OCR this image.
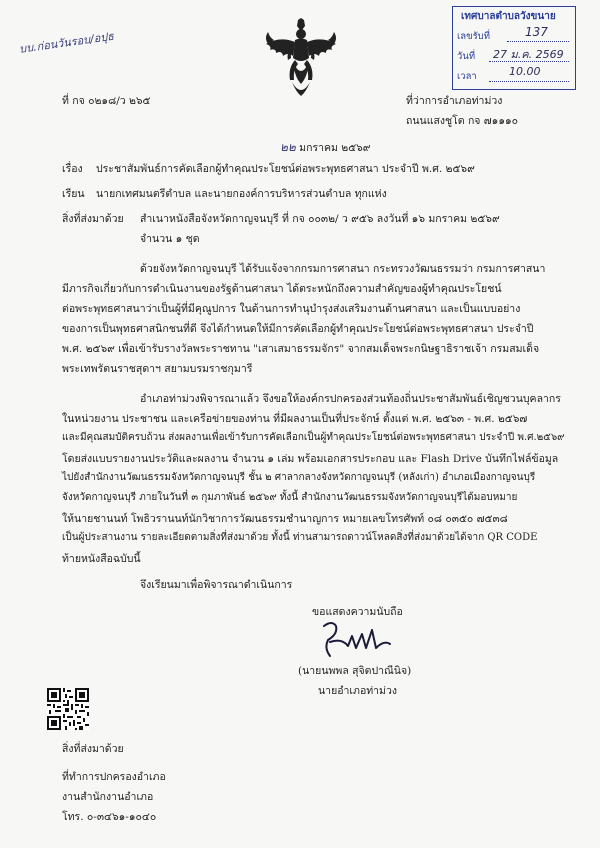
บบ.ก่อนวันรอบ/อปุธ
เทศบาลตำบลวังขนาย
เลขรับที่	137
วันที่ 27 ม.ค. 2569
เวลา	10.00
ที่ กจ ๐๒๑๘/ว ๒๖๕	ที่ว่าการอำเภอท่าม่วง
ถนนแสงชูโต กจ ๗๑๑๑๐
๒๒ มกราคม ๒๕๖๙
เรื่อง ประชาสัมพันธ์การคัดเลือกผู้ทำคุณประโยชน์ต่อพระพุทธศาสนา ประจำปี พ.ศ. ๒๕๖๙
เรียน นายกเทศมนตรีตำบล และนายกองค์การบริหารส่วนตำบล ทุกแห่ง
สิ่งที่ส่งมาด้วย สำเนาหนังสือจังหวัดกาญจนบุรี ที่ กจ ๐๐๓๒/ ว ๙๕๖ ลงวันที่ ๑๖ มกราคม ๒๕๖๙
จำนวน ๑ ชุด
ด้วยจังหวัดกาญจนบุรี ได้รับแจ้งจากกรมการศาสนา กระทรวงวัฒนธรรมว่า กรมการศาสนา
มีภารกิจเกี่ยวกับการดำเนินงานของรัฐด้านศาสนา ได้ตระหนักถึงความสำคัญของผู้ทำคุณประโยชน์
ต่อพระพุทธศาสนาว่าเป็นผู้ที่มีคุณูปการ ในด้านการทำนุบำรุงส่งเสริมงานด้านศาสนา และเป็นแบบอย่าง
ของการเป็นพุทธศาสนิกชนที่ดี จึงได้กำหนดให้มีการคัดเลือกผู้ทำคุณประโยชน์ต่อพระพุทธศาสนา ประจำปี
พ.ศ. ๒๕๖๙ เพื่อเข้ารับรางวัลพระราชทาน "เสาเสมาธรรมจักร" จากสมเด็จพระกนิษฐาธิราชเจ้า กรมสมเด็จ
พระเทพรัตนราชสุดาฯ สยามบรมราชกุมารี
อำเภอท่าม่วงพิจารณาแล้ว จึงขอให้องค์กรปกครองส่วนท้องถิ่นประชาสัมพันธ์เชิญชวนบุคลากร
ในหน่วยงาน ประชาชน และเครือข่ายของท่าน ที่มีผลงานเป็นที่ประจักษ์ ตั้งแต่ พ.ศ. ๒๕๖๓ - พ.ศ. ๒๕๖๗
และมีคุณสมบัติครบถ้วน ส่งผลงานเพื่อเข้ารับการคัดเลือกเป็นผู้ทำคุณประโยชน์ต่อพระพุทธศาสนา ประจำปี พ.ศ.๒๕๖๙
โดยส่งแบบรายงานประวัติและผลงาน จำนวน ๑ เล่ม พร้อมเอกสารประกอบ และ Flash Drive บันทึกไฟล์ข้อมูล
ไปยังสำนักงานวัฒนธรรมจังหวัดกาญจนบุรี ชั้น ๒ ศาลากลางจังหวัดกาญจนบุรี (หลังเก่า) อำเภอเมืองกาญจนบุรี
จังหวัดกาญจนบุรี ภายในวันที่ ๓ กุมภาพันธ์ ๒๕๖๙ ทั้งนี้ สำนักงานวัฒนธรรมจังหวัดกาญจนบุรีได้มอบหมาย
ให้นายชานนท์ โพธิวรานนท์นักวิชาการวัฒนธรรมชำนาญการ หมายเลขโทรศัพท์ ๐๘ ๐๓๕๐ ๗๕๓๘
เป็นผู้ประสานงาน รายละเอียดตามสิ่งที่ส่งมาด้วย ทั้งนี้ ท่านสามารถดาวน์โหลดสิ่งที่ส่งมาด้วยได้จาก QR CODE
ท้ายหนังสือฉบับนี้
จึงเรียนมาเพื่อพิจารณาดำเนินการ
ขอแสดงความนับถือ
(นายนพพล สุจิตปาณีนิจ)
นายอำเภอท่าม่วง
สิ่งที่ส่งมาด้วย
ที่ทำการปกครองอำเภอ
งานสำนักงานอำเภอ
โทร. ๐-๓๔๖๑-๑๐๔๐
